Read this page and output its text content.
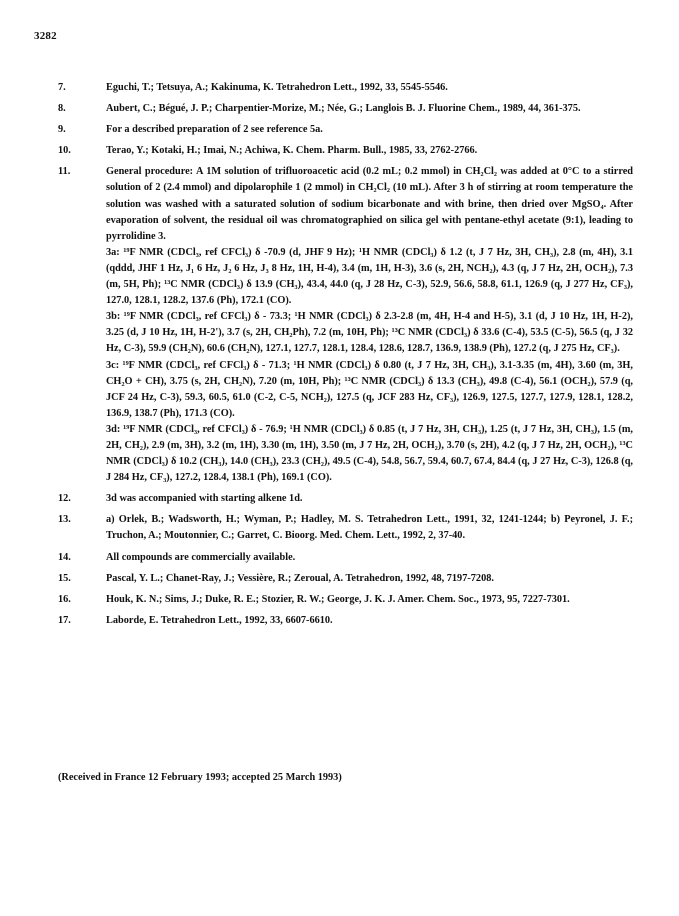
3282
7.	Eguchi, T.; Tetsuya, A.; Kakinuma, K. Tetrahedron Lett., 1992, 33, 5545-5546.
8.	Aubert, C.; Bégué, J. P.; Charpentier-Morize, M.; Née, G.; Langlois B. J. Fluorine Chem., 1989, 44, 361-375.
9.	For a described preparation of 2 see reference 5a.
10.	Terao, Y.; Kotaki, H.; Imai, N.; Achiwa, K. Chem. Pharm. Bull., 1985, 33, 2762-2766.
11.	General procedure: A 1M solution of trifluoroacetic acid (0.2 mL; 0.2 mmol) in CH₂Cl₂ was added at 0°C to a stirred solution of 2 (2.4 mmol) and dipolarophile 1 (2 mmol) in CH₂Cl₂ (10 mL). After 3 h of stirring at room temperature the solution was washed with a saturated solution of sodium bicarbonate and with brine, then dried over MgSO₄. After evaporation of solvent, the residual oil was chromatographied on silica gel with pentane-ethyl acetate (9:1), leading to pyrrolidine 3.
3a: ¹⁹F NMR (CDCl₃, ref CFCl₃) δ -70.9 (d, JHF 9 Hz); ¹H NMR (CDCl₃) δ 1.2 (t, J 7 Hz, 3H, CH₃), 2.8 (m, 4H), 3.1 (qddd, JHF 1 Hz, J₁ 6 Hz, J₂ 6 Hz, J₃ 8 Hz, 1H, H-4), 3.4 (m, 1H, H-3), 3.6 (s, 2H, NCH₂), 4.3 (q, J 7 Hz, 2H, OCH₂), 7.3 (m, 5H, Ph); ¹³C NMR (CDCl₃) δ 13.9 (CH₃), 43.4, 44.0 (q, J 28 Hz, C-3), 52.9, 56.6, 58.8, 61.1, 126.9 (q, J 277 Hz, CF₃), 127.0, 128.1, 128.2, 137.6 (Ph), 172.1 (CO).
3b: ¹⁹F NMR (CDCl₃, ref CFCl₃) δ - 73.3; ¹H NMR (CDCl₃) δ 2.3-2.8 (m, 4H, H-4 and H-5), 3.1 (d, J 10 Hz, 1H, H-2), 3.25 (d, J 10 Hz, 1H, H-2'), 3.7 (s, 2H, CH₂Ph), 7.2 (m, 10H, Ph); ¹³C NMR (CDCl₃) δ 33.6 (C-4), 53.5 (C-5), 56.5 (q, J 32 Hz, C-3), 59.9 (CH₂N), 60.6 (CH₂N), 127.1, 127.7, 128.1, 128.4, 128.6, 128.7, 136.9, 138.9 (Ph), 127.2 (q, J 275 Hz, CF₃).
3c: ¹⁹F NMR (CDCl₃, ref CFCl₃) δ - 71.3; ¹H NMR (CDCl₃) δ 0.80 (t, J 7 Hz, 3H, CH₃), 3.1-3.35 (m, 4H), 3.60 (m, 3H, CH₂O + CH), 3.75 (s, 2H, CH₂N), 7.20 (m, 10H, Ph); ¹³C NMR (CDCl₃) δ 13.3 (CH₃), 49.8 (C-4), 56.1 (OCH₂), 57.9 (q, JCF 24 Hz, C-3), 59.3, 60.5, 61.0 (C-2, C-5, NCH₂), 127.5 (q, JCF 283 Hz, CF₃), 126.9, 127.5, 127.7, 127.9, 128.1, 128.2, 136.9, 138.7 (Ph), 171.3 (CO).
3d: ¹⁹F NMR (CDCl₃, ref CFCl₃) δ - 76.9; ¹H NMR (CDCl₃) δ 0.85 (t, J 7 Hz, 3H, CH₃), 1.25 (t, J 7 Hz, 3H, CH₃), 1.5 (m, 2H, CH₂), 2.9 (m, 3H), 3.2 (m, 1H), 3.30 (m, 1H), 3.50 (m, J 7 Hz, 2H, OCH₂), 3.70 (s, 2H), 4.2 (q, J 7 Hz, 2H, OCH₂), ¹³C NMR (CDCl₃) δ 10.2 (CH₃), 14.0 (CH₃), 23.3 (CH₂), 49.5 (C-4), 54.8, 56.7, 59.4, 60.7, 67.4, 84.4 (q, J 27 Hz, C-3), 126.8 (q, J 284 Hz, CF₃), 127.2, 128.4, 138.1 (Ph), 169.1 (CO).
12.	3d was accompanied with starting alkene 1d.
13.	a) Orlek, B.; Wadsworth, H.; Wyman, P.; Hadley, M. S. Tetrahedron Lett., 1991, 32, 1241-1244; b) Peyronel, J. F.; Truchon, A.; Moutonnier, C.; Garret, C. Bioorg. Med. Chem. Lett., 1992, 2, 37-40.
14.	All compounds are commercially available.
15.	Pascal, Y. L.; Chanet-Ray, J.; Vessière, R.; Zeroual, A. Tetrahedron, 1992, 48, 7197-7208.
16.	Houk, K. N.; Sims, J.; Duke, R. E.; Stozier, R. W.; George, J. K. J. Amer. Chem. Soc., 1973, 95, 7227-7301.
17.	Laborde, E. Tetrahedron Lett., 1992, 33, 6607-6610.
(Received in France 12 February 1993; accepted 25 March 1993)
